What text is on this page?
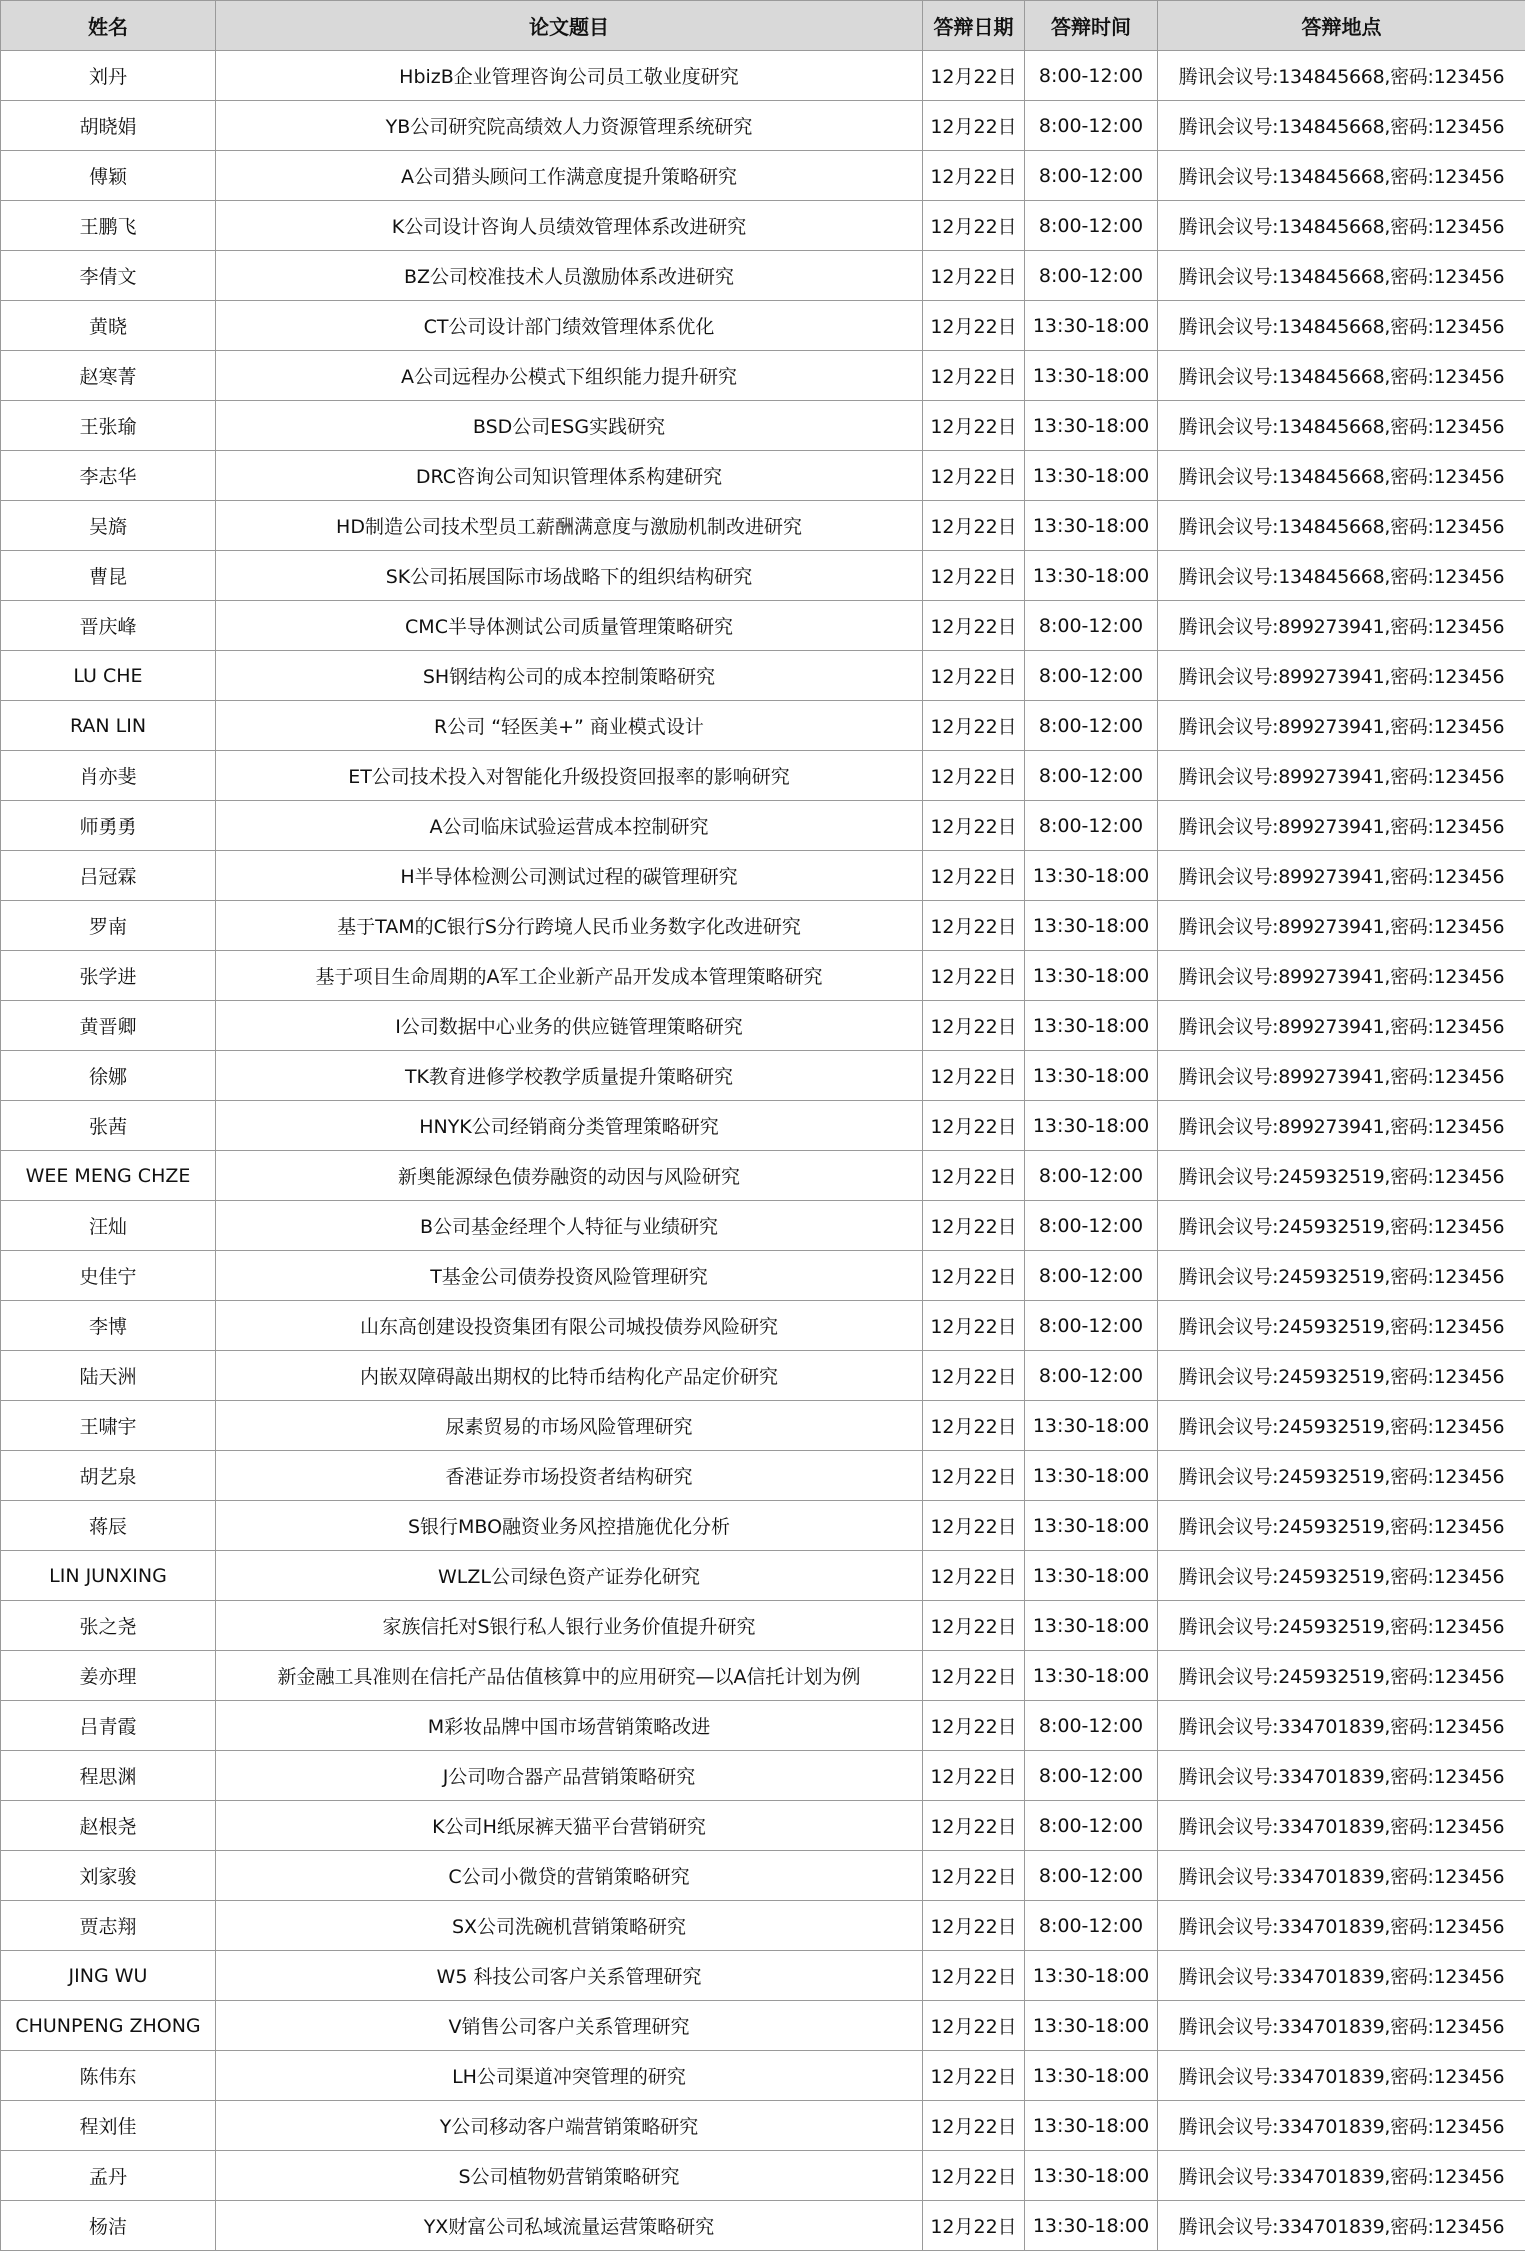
姓名	论文题目	答辩日期	答辩时间	答辩地点
刘丹	HbizB企业管理咨询公司员工敬业度研究	12月22日	8:00-12:00	腾讯会议号:134845668,密码:123456
胡晓娟	YB公司研究院高绩效人力资源管理系统研究	12月22日	8:00-12:00	腾讯会议号:134845668,密码:123456
傅颖	A公司猎头顾问工作满意度提升策略研究	12月22日	8:00-12:00	腾讯会议号:134845668,密码:123456
王鹏飞	K公司设计咨询人员绩效管理体系改进研究	12月22日	8:00-12:00	腾讯会议号:134845668,密码:123456
李倩文	BZ公司校准技术人员激励体系改进研究	12月22日	8:00-12:00	腾讯会议号:134845668,密码:123456
黄晓	CT公司设计部门绩效管理体系优化	12月22日	13:30-18:00	腾讯会议号:134845668,密码:123456
赵寒菁	A公司远程办公模式下组织能力提升研究	12月22日	13:30-18:00	腾讯会议号:134845668,密码:123456
王张瑜	BSD公司ESG实践研究	12月22日	13:30-18:00	腾讯会议号:134845668,密码:123456
李志华	DRC咨询公司知识管理体系构建研究	12月22日	13:30-18:00	腾讯会议号:134845668,密码:123456
吴旖	HD制造公司技术型员工薪酬满意度与激励机制改进研究	12月22日	13:30-18:00	腾讯会议号:134845668,密码:123456
曹昆	SK公司拓展国际市场战略下的组织结构研究	12月22日	13:30-18:00	腾讯会议号:134845668,密码:123456
晋庆峰	CMC半导体测试公司质量管理策略研究	12月22日	8:00-12:00	腾讯会议号:899273941,密码:123456
LU CHE	SH钢结构公司的成本控制策略研究	12月22日	8:00-12:00	腾讯会议号:899273941,密码:123456
RAN LIN	R公司 “轻医美+” 商业模式设计	12月22日	8:00-12:00	腾讯会议号:899273941,密码:123456
肖亦斐	ET公司技术投入对智能化升级投资回报率的影响研究	12月22日	8:00-12:00	腾讯会议号:899273941,密码:123456
师勇勇	A公司临床试验运营成本控制研究	12月22日	8:00-12:00	腾讯会议号:899273941,密码:123456
吕冠霖	H半导体检测公司测试过程的碳管理研究	12月22日	13:30-18:00	腾讯会议号:899273941,密码:123456
罗南	基于TAM的C银行S分行跨境人民币业务数字化改进研究	12月22日	13:30-18:00	腾讯会议号:899273941,密码:123456
张学进	基于项目生命周期的A军工企业新产品开发成本管理策略研究	12月22日	13:30-18:00	腾讯会议号:899273941,密码:123456
黄晋卿	I公司数据中心业务的供应链管理策略研究	12月22日	13:30-18:00	腾讯会议号:899273941,密码:123456
徐娜	TK教育进修学校教学质量提升策略研究	12月22日	13:30-18:00	腾讯会议号:899273941,密码:123456
张茜	HNYK公司经销商分类管理策略研究	12月22日	13:30-18:00	腾讯会议号:899273941,密码:123456
WEE MENG CHZE	新奥能源绿色债券融资的动因与风险研究	12月22日	8:00-12:00	腾讯会议号:245932519,密码:123456
汪灿	B公司基金经理个人特征与业绩研究	12月22日	8:00-12:00	腾讯会议号:245932519,密码:123456
史佳宁	T基金公司债券投资风险管理研究	12月22日	8:00-12:00	腾讯会议号:245932519,密码:123456
李博	山东高创建设投资集团有限公司城投债券风险研究	12月22日	8:00-12:00	腾讯会议号:245932519,密码:123456
陆天洲	内嵌双障碍敲出期权的比特币结构化产品定价研究	12月22日	8:00-12:00	腾讯会议号:245932519,密码:123456
王啸宇	尿素贸易的市场风险管理研究	12月22日	13:30-18:00	腾讯会议号:245932519,密码:123456
胡艺泉	香港证券市场投资者结构研究	12月22日	13:30-18:00	腾讯会议号:245932519,密码:123456
蒋辰	S银行MBO融资业务风控措施优化分析	12月22日	13:30-18:00	腾讯会议号:245932519,密码:123456
LIN JUNXING	WLZL公司绿色资产证券化研究	12月22日	13:30-18:00	腾讯会议号:245932519,密码:123456
张之尧	家族信托对S银行私人银行业务价值提升研究	12月22日	13:30-18:00	腾讯会议号:245932519,密码:123456
姜亦理	新金融工具准则在信托产品估值核算中的应用研究—以A信托计划为例	12月22日	13:30-18:00	腾讯会议号:245932519,密码:123456
吕青霞	M彩妆品牌中国市场营销策略改进	12月22日	8:00-12:00	腾讯会议号:334701839,密码:123456
程思渊	J公司吻合器产品营销策略研究	12月22日	8:00-12:00	腾讯会议号:334701839,密码:123456
赵根尧	K公司H纸尿裤天猫平台营销研究	12月22日	8:00-12:00	腾讯会议号:334701839,密码:123456
刘家骏	C公司小微贷的营销策略研究	12月22日	8:00-12:00	腾讯会议号:334701839,密码:123456
贾志翔	SX公司洗碗机营销策略研究	12月22日	8:00-12:00	腾讯会议号:334701839,密码:123456
JING WU	W5 科技公司客户关系管理研究	12月22日	13:30-18:00	腾讯会议号:334701839,密码:123456
CHUNPENG ZHONG	V销售公司客户关系管理研究	12月22日	13:30-18:00	腾讯会议号:334701839,密码:123456
陈伟东	LH公司渠道冲突管理的研究	12月22日	13:30-18:00	腾讯会议号:334701839,密码:123456
程刘佳	Y公司移动客户端营销策略研究	12月22日	13:30-18:00	腾讯会议号:334701839,密码:123456
孟丹	S公司植物奶营销策略研究	12月22日	13:30-18:00	腾讯会议号:334701839,密码:123456
杨洁	YX财富公司私域流量运营策略研究	12月22日	13:30-18:00	腾讯会议号:334701839,密码:123456
